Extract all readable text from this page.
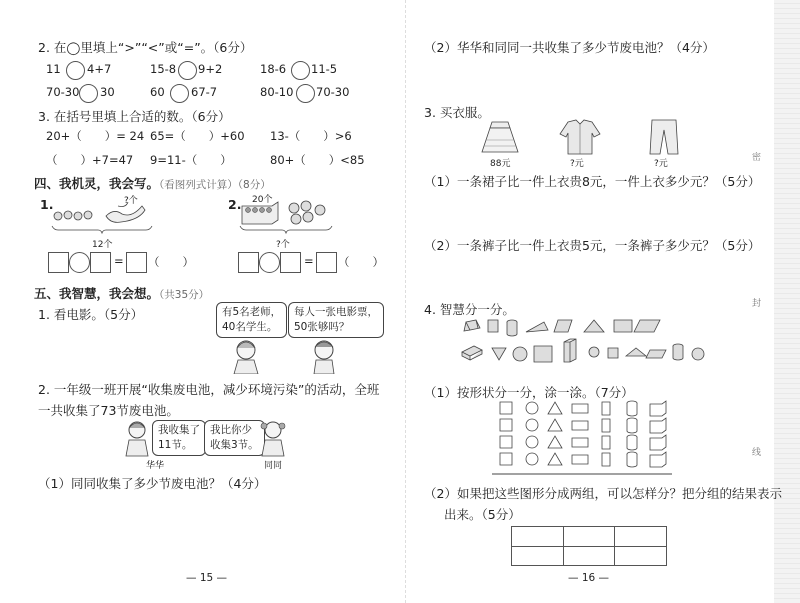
2. 在◯里填上“>”“<”或“=”。（6分）
11 4+7	15-8 9+2	18-6 11-5
70-30 30	60 67-7	80-10 70-30
3. 在括号里填上合适的数。（6分）
20+（　　）= 24 65=（　　）+60 13-（　　）>6
（　　）+7=47 9=11-（　　）	80+（　　）<85
四、我机灵，我会写。（看图列式计算）（8分）
1.	?个
12个
= （　　）
2. 20个
?个
= （　　）
五、我智慧，我会想。（共35分）
1. 看电影。（5分）	有5名老师，
40名学生。
每人一张电影票，
50张够吗？
2. 一年级一班开展“收集废电池，减少环境污染”的活动，全班
一共收集了73节废电池。
我收集了
11节。
我比你少
收集3节。
华华	同同
（1）同同收集了多少节废电池？（4分）
— 15 —
（2）华华和同同一共收集了多少节废电池？（4分）
3. 买衣服。
88元	?元	?元
（1）一条裙子比一件上衣贵8元，一件上衣多少元？（5分）
（2）一条裤子比一件上衣贵5元，一条裤子多少元？（5分）
4. 智慧分一分。
（1）按形状分一分，涂一涂。（7分）
（2）如果把这些图形分成两组，可以怎样分？把分组的结果表示
出来。（5分）
— 16 —
密
封
线
